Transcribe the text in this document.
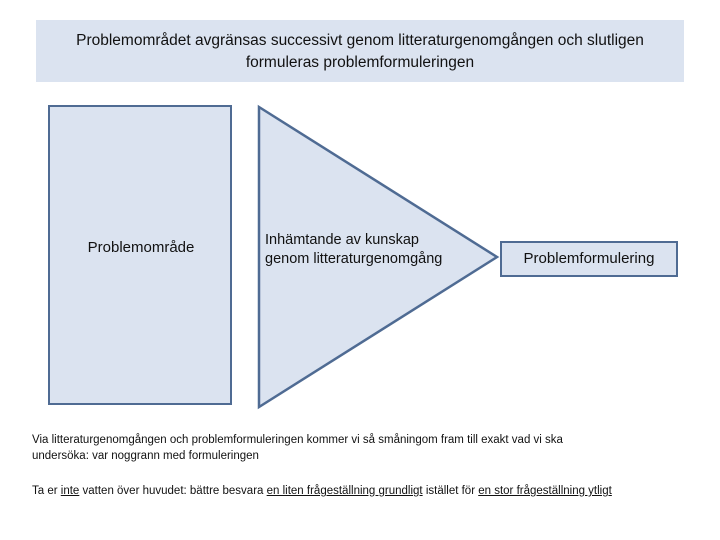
Problemområdet avgränsas successivt genom litteraturgenomgången och slutligen
formuleras problemformuleringen
Problemområde	Inhämtande av kunskap
genom litteraturgenomgång	Problemformulering
Via litteraturgenomgången och problemformuleringen kommer vi så småningom fram till exakt vad vi ska
undersöka: var noggrann med formuleringen
Ta er inte vatten över huvudet: bättre besvara en liten frågeställning grundligt istället för en stor frågeställning ytligt
